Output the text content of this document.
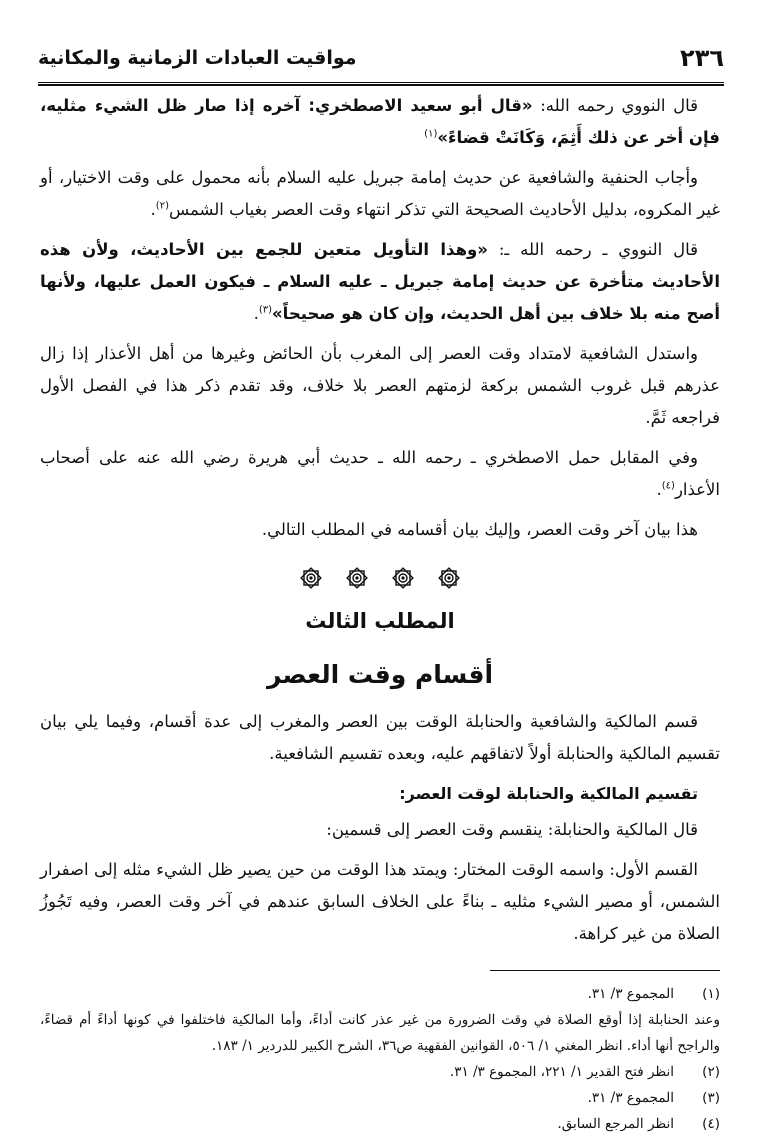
٢٣٦
مواقيت العبادات الزمانية والمكانية

قال النووي رحمه الله: «قال أبو سعيد الاصطخري: آخره إذا صار ظل الشيء مثليه، فإن أخر عن ذلك أَثِمَ، وَكَانَتْ قضاءً»$^{(١)}$

وأجاب الحنفية والشافعية عن حديث إمامة جبريل عليه السلام بأنه محمول على وقت الاختيار، أو غير المكروه، بدليل الأحاديث الصحيحة التي تذكر انتهاء وقت العصر بغياب الشمس$^{(٢)}$.

قال النووي ـ رحمه الله ـ: «وهذا التأويل متعين للجمع بين الأحاديث، ولأن هذه الأحاديث متأخرة عن حديث إمامة جبريل ـ عليه السلام ـ فيكون العمل عليها، ولأنها أصح منه بلا خلاف بين أهل الحديث، وإن كان هو صحيحاً»$^{(٣)}$.

واستدل الشافعية لامتداد وقت العصر إلى المغرب بأن الحائض وغيرها من أهل الأعذار إذا زال عذرهم قبل غروب الشمس بركعة لزمتهم العصر بلا خلاف، وقد تقدم ذكر هذا في الفصل الأول فراجعه ثَمَّ.

وفي المقابل حمل الاصطخري ـ رحمه الله ـ حديث أبي هريرة رضي الله عنه على أصحاب الأعذار$^{(٤)}$.

هذا بيان آخر وقت العصر، وإليك بيان أقسامه في المطلب التالي.

المطلب الثالث
أقسام وقت العصر

قسم المالكية والشافعية والحنابلة الوقت بين العصر والمغرب إلى عدة أقسام، وفيما يلي بيان تقسيم المالكية والحنابلة أولاً لاتفاقهم عليه، وبعده تقسيم الشافعية.

تقسيم المالكية والحنابلة لوقت العصر:

قال المالكية والحنابلة: ينقسم وقت العصر إلى قسمين:

القسم الأول: واسمه الوقت المختار: ويمتد هذا الوقت من حين يصير ظل الشيء مثله إلى اصفرار الشمس، أو مصير الشيء مثليه ـ بناءً على الخلاف السابق عندهم في آخر وقت العصر، وفيه تَجُوزُ الصلاة من غير كراهة.

(١)
المجموع ٣/ ٣١.
وعند الحنابلة إذا أوقع الصلاة في وقت الضرورة من غير عذر كانت أداءً، وأما المالكية فاختلفوا في كونها أداءً أم قضاءً، والراجح أنها أداء. انظر المغني ١/ ٥٠٦، القوانين الفقهية ص٣٦، الشرح الكبير للدردير ١/ ١٨٣.
(٢)
انظر فتح القدير ١/ ٢٢١، المجموع ٣/ ٣١.
(٣)
المجموع ٣/ ٣١.
(٤)
انظر المرجع السابق.
